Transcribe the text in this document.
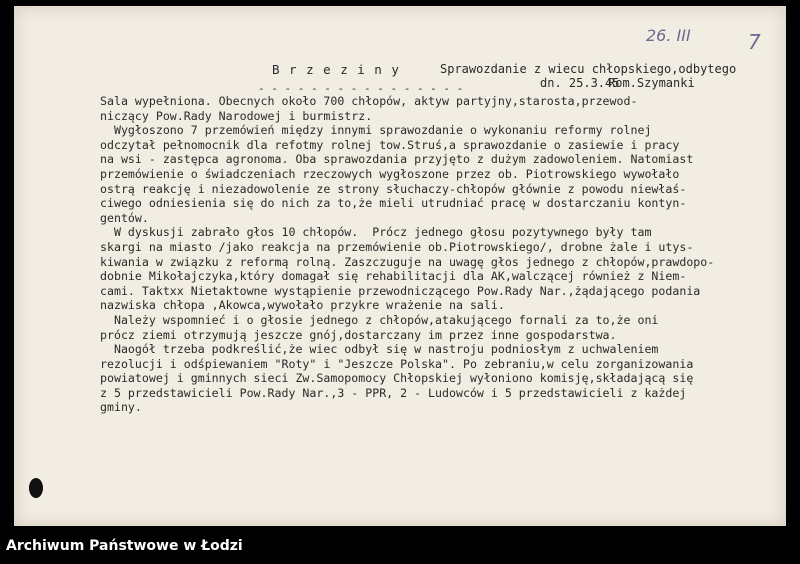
26. III	7
B r z e z i n y
- - - - - - - - - - - - - - - -
Sprawozdanie z wiecu chłopskiego,odbytego
dn. 25.3.45
Rom.Szymanki
Sala wypełniona. Obecnych około 700 chłopów, aktyw partyjny,starosta,przewod-
niczący Pow.Rady Narodowej i burmistrz.
Wygłoszono 7 przemówień między innymi sprawozdanie o wykonaniu reformy rolnej
odczytał pełnomocnik dla refotmy rolnej tow.Struś,a sprawozdanie o zasiewie i pracy
na wsi - zastępca agronoma. Oba sprawozdania przyjęto z dużym zadowoleniem. Natomiast
przemówienie o świadczeniach rzeczowych wygłoszone przez ob. Piotrowskiego wywołało
ostrą reakcję i niezadowolenie ze strony słuchaczy-chłopów głównie z powodu niewłaś-
ciwego odniesienia się do nich za to,że mieli utrudniać pracę w dostarczaniu kontyn-
gentów.
W dyskusji zabrało głos 10 chłopów.  Prócz jednego głosu pozytywnego były tam
skargi na miasto /jako reakcja na przemówienie ob.Piotrowskiego/, drobne żale i utys-
kiwania w związku z reformą rolną. Zaszczuguje na uwagę głos jednego z chłopów,prawdopo-
dobnie Mikołajczyka,który domagał się rehabilitacji dla AK,walczącej również z Niem-
cami. Taktxx Nietaktowne wystąpienie przewodniczącego Pow.Rady Nar.,żądającego podania
nazwiska chłopa ,Akowca,wywołało przykre wrażenie na sali.
Należy wspomnieć i o głosie jednego z chłopów,atakującego fornali za to,że oni
prócz ziemi otrzymują jeszcze gnój,dostarczany im przez inne gospodarstwa.
Naogół trzeba podkreślić,że wiec odbył się w nastroju podniosłym z uchwaleniem
rezolucji i odśpiewaniem "Roty" i "Jeszcze Polska". Po zebraniu,w celu zorganizowania
powiatowej i gminnych sieci Zw.Samopomocy Chłopskiej wyłoniono komisję,składającą się
z 5 przedstawicieli Pow.Rady Nar.,3 - PPR, 2 - Ludowców i 5 przedstawicieli z każdej
gminy.
Archiwum Państwowe w Łodzi
